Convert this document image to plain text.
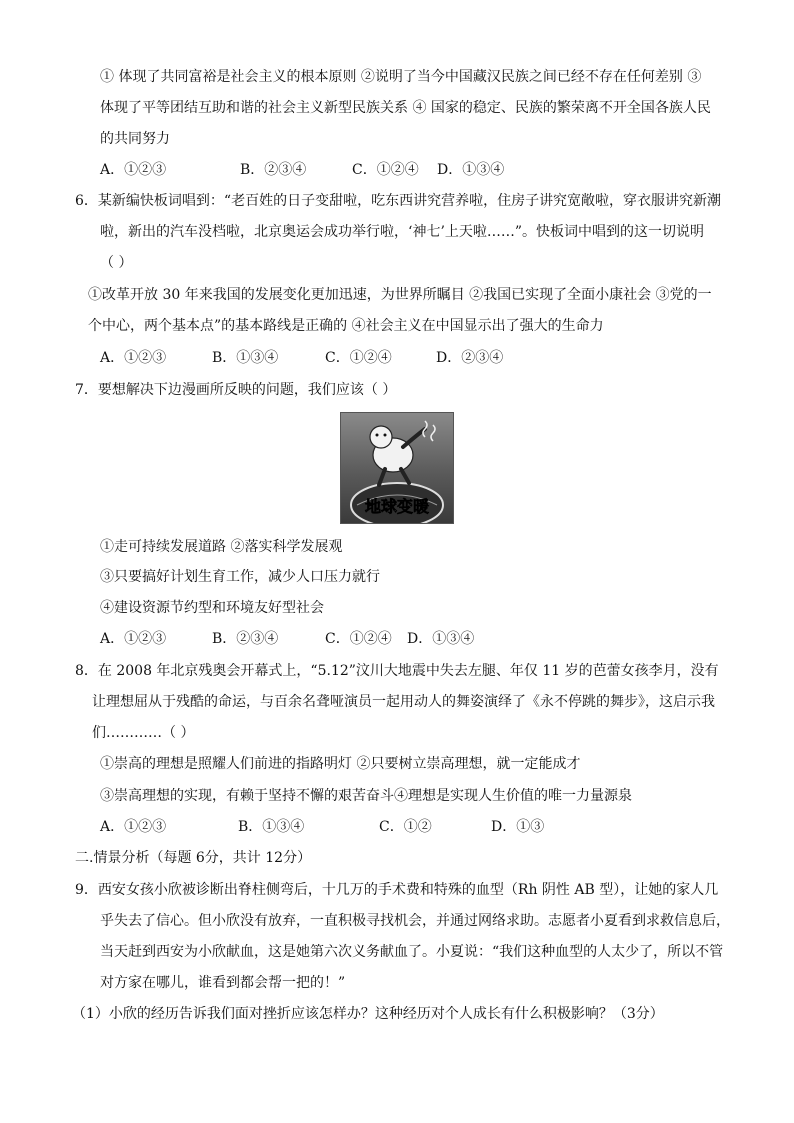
① 体现了共同富裕是社会主义的根本原则 ②说明了当今中国藏汉民族之间已经不存在任何差别 ③
体现了平等团结互助和谐的社会主义新型民族关系 ④ 国家的稳定、民族的繁荣离不开全国各族人民
的共同努力
A．①②③	B．②③④	C．①②④ D．①③④
6．某新编快板词唱到：“老百姓的日子变甜啦，吃东西讲究营养啦，住房子讲究宽敞啦，穿衣服讲究新潮
啦，新出的汽车没档啦，北京奥运会成功举行啦，‘神七’上天啦……”。快板词中唱到的这一切说明
（ ）
①改革开放 30 年来我国的发展变化更加迅速，为世界所瞩目 ②我国已实现了全面小康社会 ③党的一
个中心，两个基本点”的基本路线是正确的 ④社会主义在中国显示出了强大的生命力
A．①②③	B．①③④	C．①②④	D．②③④
7．要想解决下边漫画所反映的问题，我们应该（ ）
地球变暖
①走可持续发展道路 ②落实科学发展观
③只要搞好计划生育工作，减少人口压力就行
④建设资源节约型和环境友好型社会
A．①②③	B．②③④	C．①②④ D．①③④
8．在 2008 年北京残奥会开幕式上，“5.12”汶川大地震中失去左腿、年仅 11 岁的芭蕾女孩李月，没有
让理想屈从于残酷的命运，与百余名聋哑演员一起用动人的舞姿演绎了《永不停跳的舞步》，这启示我
们…………（ ）
①崇高的理想是照耀人们前进的指路明灯 ②只要树立崇高理想，就一定能成才
③崇高理想的实现，有赖于坚持不懈的艰苦奋斗④理想是实现人生价值的唯一力量源泉
A．①②③	B．①③④	C．①②	D．①③
二.情景分析（每题 6分，共计 12分）
9．西安女孩小欣被诊断出脊柱侧弯后，十几万的手术费和特殊的血型（Rh 阴性 AB 型），让她的家人几
乎失去了信心。但小欣没有放弃，一直积极寻找机会，并通过网络求助。志愿者小夏看到求救信息后，
当天赶到西安为小欣献血，这是她第六次义务献血了。小夏说：“我们这种血型的人太少了，所以不管
对方家在哪儿，谁看到都会帮一把的！”
（1）小欣的经历告诉我们面对挫折应该怎样办？这种经历对个人成长有什么积极影响？（3分）
